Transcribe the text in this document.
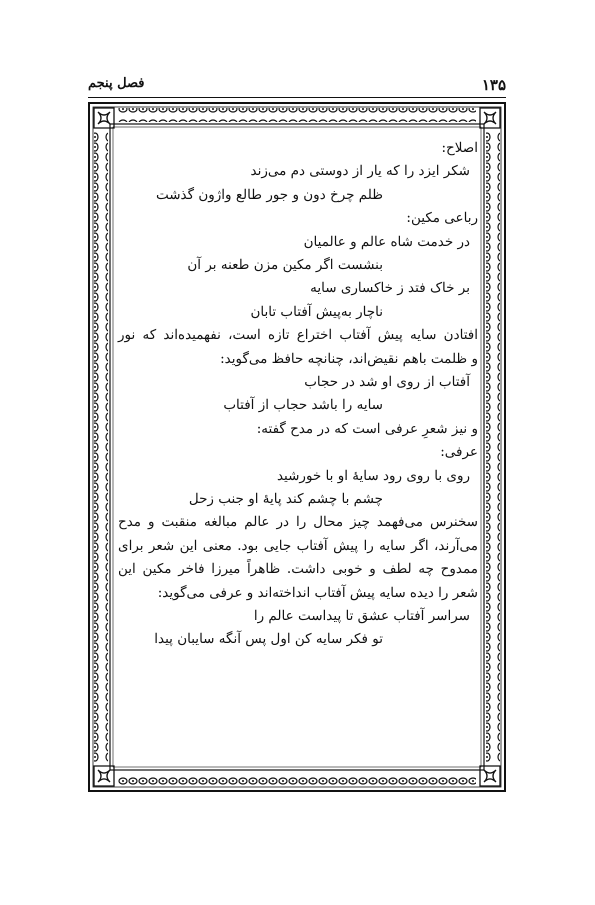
۱۳۵
فصل پنجم
اصلاح:
شکر ایزد را که یار از دوستی دم می‌زند
ظلم چرخ دون و جور طالع واژون گذشت
رباعی مکین:
در خدمت شاه عالم و عالمیان
بنشست اگر مکین مزن طعنه بر آن
بر خاک فتد ز خاکساری سایه
ناچار به‌پیش آفتاب تابان
افتادن سایه پیش آفتاب اختراع تازه است، نفهمیده‌اند که نور
و ظلمت باهم نقیض‌اند، چنانچه حافظ می‌گوید:
آفتاب از روی او شد در حجاب
سایه را باشد حجاب از آفتاب
و نیز شعرِ عرفی است که در مدح گفته:
عرفی:
روی با روی رود سایهٔ او با خورشید
چشم با چشم کند پایهٔ او جنب زحل
سخنرس می‌فهمد چیز محال را در عالم مبالغه منقبت و مدح
می‌آرند، اگر سایه را پیش آفتاب جایی بود. معنی این شعر برای
ممدوح چه لطف و خوبی داشت. ظاهراً میرزا فاخر مکین این
شعر را دیده سایه پیش آفتاب انداخته‌اند و عرفی می‌گوید:
سراسر آفتاب عشق تا پیداست عالم را
تو فکر سایه کن اول پس آنگه سایبان پیدا
